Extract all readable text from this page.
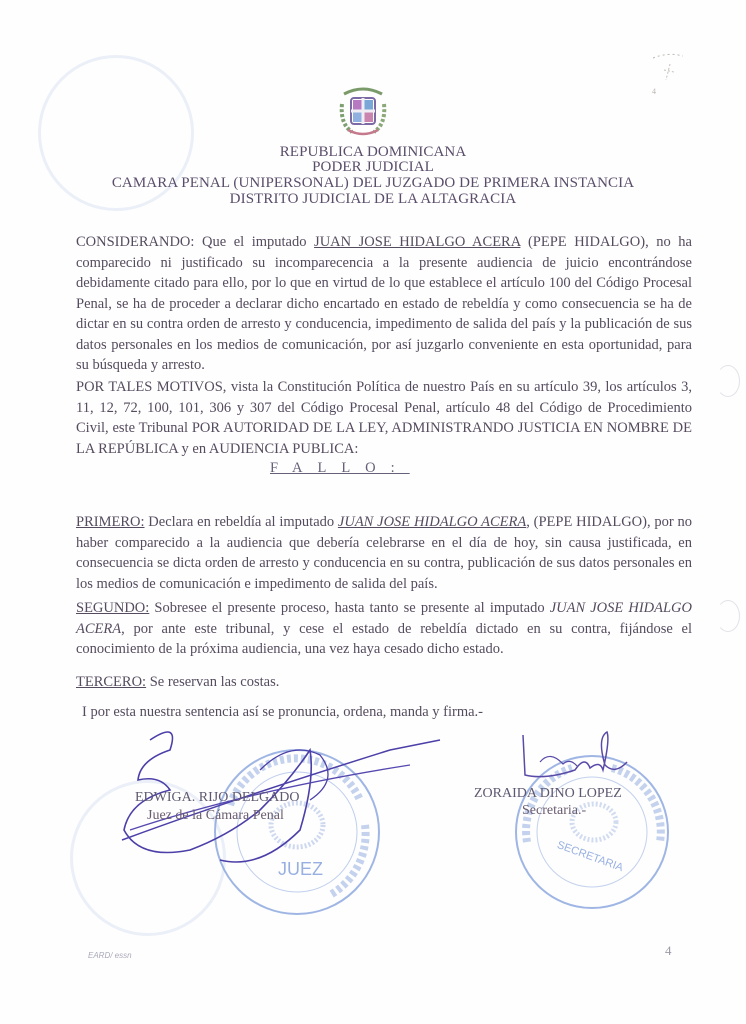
4
REPUBLICA DOMINICANA
PODER JUDICIAL
CAMARA PENAL (UNIPERSONAL) DEL JUZGADO DE PRIMERA INSTANCIA
DISTRITO JUDICIAL DE LA ALTAGRACIA
CONSIDERANDO: Que el imputado JUAN JOSE HIDALGO ACERA (PEPE HIDALGO), no ha comparecido ni justificado su incomparecencia a la presente audiencia de juicio encontrándose debidamente citado para ello, por lo que en virtud de lo que establece el artículo 100 del Código Procesal Penal, se ha de proceder a declarar dicho encartado en estado de rebeldía y como consecuencia se ha de dictar en su contra orden de arresto y conducencia, impedimento de salida del país y la publicación de sus datos personales en los medios de comunicación, por así juzgarlo conveniente en esta oportunidad, para su búsqueda y arresto.
POR TALES MOTIVOS, vista la Constitución Política de nuestro País en su artículo 39, los artículos 3, 11, 12, 72, 100, 101, 306 y 307 del Código Procesal Penal, artículo 48 del Código de Procedimiento Civil, este Tribunal POR AUTORIDAD DE LA LEY, ADMINISTRANDO JUSTICIA EN NOMBRE DE LA REPÚBLICA y en AUDIENCIA PUBLICA:
FALLO:
PRIMERO: Declara en rebeldía al imputado JUAN JOSE HIDALGO ACERA, (PEPE HIDALGO), por no haber comparecido a la audiencia que debería celebrarse en el día de hoy, sin causa justificada, en consecuencia se dicta orden de arresto y conducencia en su contra, publicación de sus datos personales en los medios de comunicación e impedimento de salida del país.
SEGUNDO: Sobresee el presente proceso, hasta tanto se presente al imputado JUAN JOSE HIDALGO ACERA, por ante este tribunal, y cese el estado de rebeldía dictado en su contra, fijándose el conocimiento de la próxima audiencia, una vez haya cesado dicho estado.
TERCERO: Se reservan las costas.
I por esta nuestra sentencia así se pronuncia, ordena, manda y firma.-
JUEZ	SECRETARIA
EDWIGA. RIJO DELGADO
Juez de la Cámara Penal
ZORAIDA DINO LOPEZ
Secretaria.-
EARD/ essn	4
